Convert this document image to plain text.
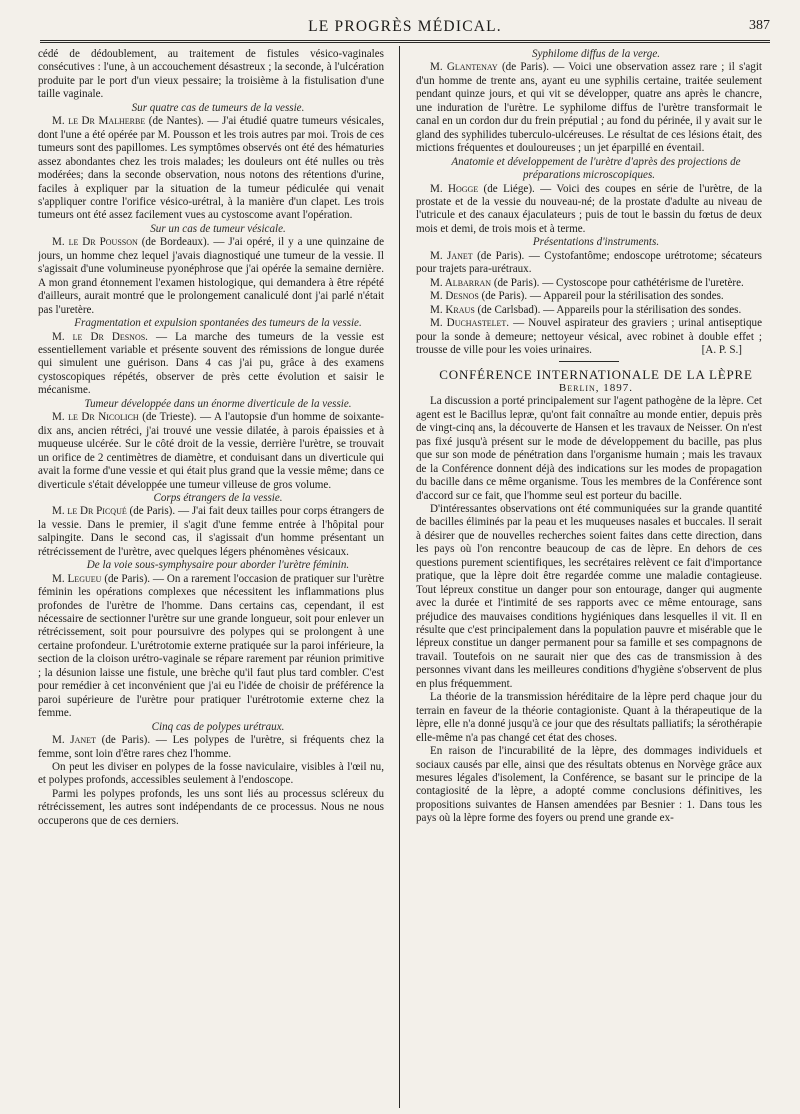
LE PROGRÈS MÉDICAL.	387

cédé de dédoublement, au traitement de fistules vésico-vaginales consécutives : l'une, à un accouchement désastreux ; la seconde, à l'ulcération produite par le port d'un vieux pessaire; la troisième à la fistulisation d'une taille vaginale.

Sur quatre cas de tumeurs de la vessie.

M. le Dr Malherbe (de Nantes). — J'ai étudié quatre tumeurs vésicales, dont l'une a été opérée par M. Pousson et les trois autres par moi. Trois de ces tumeurs sont des papillomes. Les symptômes observés ont été des hématuries assez abondantes chez les trois malades; les douleurs ont été nulles ou très modérées; dans la seconde observation, nous notons des rétentions d'urine, faciles à expliquer par la situation de la tumeur pédiculée qui venait s'appliquer contre l'orifice vésico-urétral, à la manière d'un clapet. Les trois tumeurs ont été assez facilement vues au cystoscome avant l'opération.

Sur un cas de tumeur vésicale.

M. le Dr Pousson (de Bordeaux). — J'ai opéré, il y a une quinzaine de jours, un homme chez lequel j'avais diagnostiqué une tumeur de la vessie. Il s'agissait d'une volumineuse pyonéphrose que j'ai opérée la semaine dernière. A mon grand étonnement l'examen histologique, qui demandera à être répété d'ailleurs, aurait montré que le prolongement canaliculé dont j'ai parlé n'était pas l'uretère.

Fragmentation et expulsion spontanées des tumeurs de la vessie.

M. le Dr Desnos. — La marche des tumeurs de la vessie est essentiellement variable et présente souvent des rémissions de longue durée qui simulent une guérison. Dans 4 cas j'ai pu, grâce à des examens cystoscopiques répétés, observer de près cette évolution et saisir le mécanisme.

Tumeur développée dans un énorme diverticule de la vessie.

M. le Dr Nicolich (de Trieste). — A l'autopsie d'un homme de soixante-dix ans, ancien rétréci, j'ai trouvé une vessie dilatée, à parois épaissies et à muqueuse ulcérée. Sur le côté droit de la vessie, derrière l'urètre, se trouvait un orifice de 2 centimètres de diamètre, et conduisant dans un diverticule qui avait la forme d'une vessie et qui était plus grand que la vessie même; dans ce diverticule s'était développée une tumeur villeuse de gros volume.

Corps étrangers de la vessie.

M. le Dr Picqué (de Paris). — J'ai fait deux tailles pour corps étrangers de la vessie. Dans le premier, il s'agit d'une femme entrée à l'hôpital pour salpingite. Dans le second cas, il s'agissait d'un homme présentant un rétrécissement de l'urètre, avec quelques légers phénomènes vésicaux.

De la voie sous-symphysaire pour aborder l'urètre féminin.

M. Legueu (de Paris). — On a rarement l'occasion de pratiquer sur l'urètre féminin les opérations complexes que nécessitent les inflammations plus profondes de l'urètre de l'homme. Dans certains cas, cependant, il est nécessaire de sectionner l'urètre sur une grande longueur, soit pour enlever un rétrécissement, soit pour poursuivre des polypes qui se prolongent à une certaine profondeur. L'urétrotomie externe pratiquée sur la paroi inférieure, la section de la cloison urétro-vaginale se répare rarement par réunion primitive ; la désunion laisse une fistule, une brèche qu'il faut plus tard combler. C'est pour remédier à cet inconvénient que j'ai eu l'idée de choisir de préférence la paroi supérieure de l'urètre pour pratiquer l'urétrotomie externe chez la femme.

Cinq cas de polypes urétraux.

M. Janet (de Paris). — Les polypes de l'urètre, si fréquents chez la femme, sont loin d'être rares chez l'homme.

On peut les diviser en polypes de la fosse naviculaire, visibles à l'œil nu, et polypes profonds, accessibles seulement à l'endoscope.

Parmi les polypes profonds, les uns sont liés au processus scléreux du rétrécissement, les autres sont indépendants de ce processus. Nous ne nous occuperons que de ces derniers.

Syphilome diffus de la verge.

M. Glantenay (de Paris). — Voici une observation assez rare ; il s'agit d'un homme de trente ans, ayant eu une syphilis certaine, traitée seulement pendant quinze jours, et qui vit se développer, quatre ans après le chancre, une induration de l'urètre. Le syphilome diffus de l'urètre transformait le canal en un cordon dur du frein préputial ; au fond du périnée, il y avait sur le gland des syphilides tuberculo-ulcéreuses. Le résultat de ces lésions était, des mictions fréquentes et douloureuses ; un jet éparpillé en éventail.

Anatomie et développement de l'urètre d'après des projections de préparations microscopiques.

M. Hogge (de Liége). — Voici des coupes en série de l'urètre, de la prostate et de la vessie du nouveau-né; de la prostate d'adulte au niveau de l'utricule et des canaux éjaculateurs ; puis de tout le bassin du fœtus de deux mois et demi, de trois mois et à terme.

Présentations d'instruments.

M. Janet (de Paris). — Cystofantôme; endoscope urétrotome; sécateurs pour trajets para-urétraux.

M. Albarran (de Paris). — Cystoscope pour cathétérisme de l'uretère.

M. Desnos (de Paris). — Appareil pour la stérilisation des sondes.

M. Kraus (de Carlsbad). — Appareils pour la stérilisation des sondes.

M. Duchastelet. — Nouvel aspirateur des graviers ; urinal antiseptique pour la sonde à demeure; nettoyeur vésical, avec robinet à double effet ; trousse de ville pour les voies urinaires.	[A. P. S.]

CONFÉRENCE INTERNATIONALE DE LA LÈPRE

Berlin, 1897.

La discussion a porté principalement sur l'agent pathogène de la lèpre. Cet agent est le Bacillus lepræ, qu'ont fait connaître au monde entier, depuis près de vingt-cinq ans, la découverte de Hansen et les travaux de Neisser. On n'est pas fixé jusqu'à présent sur le mode de développement du bacille, pas plus que sur son mode de pénétration dans l'organisme humain ; mais les travaux de la Conférence donnent déjà des indications sur les modes de propagation du bacille dans ce même organisme. Tous les membres de la Conférence sont d'accord sur ce fait, que l'homme seul est porteur du bacille.

D'intéressantes observations ont été communiquées sur la grande quantité de bacilles éliminés par la peau et les muqueuses nasales et buccales. Il serait à désirer que de nouvelles recherches soient faites dans cette direction, dans les pays où l'on rencontre beaucoup de cas de lèpre. En dehors de ces questions purement scientifiques, les secrétaires relèvent ce fait d'importance pratique, que la lèpre doit être regardée comme une maladie contagieuse. Tout lépreux constitue un danger pour son entourage, danger qui augmente avec la durée et l'intimité de ses rapports avec ce même entourage, sans préjudice des mauvaises conditions hygiéniques dans lesquelles il vit. Il en résulte que c'est principalement dans la population pauvre et misérable que le lépreux constitue un danger permanent pour sa famille et ses compagnons de travail. Toutefois on ne saurait nier que des cas de transmission à des personnes vivant dans les meilleures conditions d'hygiène s'observent de plus en plus fréquemment.

La théorie de la transmission héréditaire de la lèpre perd chaque jour du terrain en faveur de la théorie contagioniste. Quant à la thérapeutique de la lèpre, elle n'a donné jusqu'à ce jour que des résultats palliatifs; la sérothérapie elle-même n'a pas changé cet état des choses.

En raison de l'incurabilité de la lèpre, des dommages individuels et sociaux causés par elle, ainsi que des résultats obtenus en Norvège grâce aux mesures légales d'isolement, la Conférence, se basant sur le principe de la contagiosité de la lèpre, a adopté comme conclusions définitives, les propositions suivantes de Hansen amendées par Besnier : 1. Dans tous les pays où la lèpre forme des foyers ou prend une grande ex-
